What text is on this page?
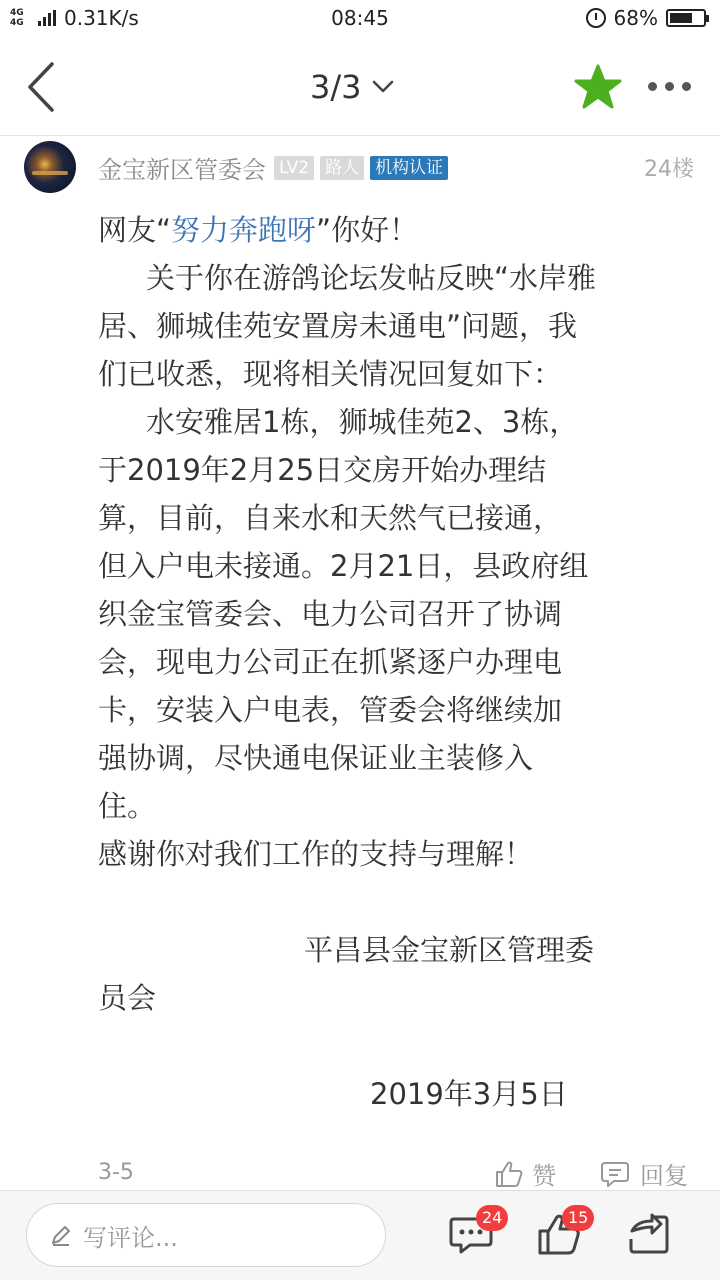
4G 4G	0.31K/s	08:45	68%
3/3
金宝新区管委会 LV2 路人 机构认证	24楼
网友“努力奔跑呀”你好！
关于你在游鸽论坛发帖反映“水岸雅
居、狮城佳苑安置房未通电”问题，我
们已收悉，现将相关情况回复如下：
水安雅居1栋，狮城佳苑2、3栋，
于2019年2月25日交房开始办理结
算，目前，自来水和天然气已接通，
但入户电未接通。2月21日，县政府组
织金宝管委会、电力公司召开了协调
会，现电力公司正在抓紧逐户办理电
卡，安装入户电表，管委会将继续加
强协调，尽快通电保证业主装修入
住。
感谢你对我们工作的支持与理解！
平昌县金宝新区管理委
员会
2019年3月5日
3-5	赞	回复
写评论...
24	15
